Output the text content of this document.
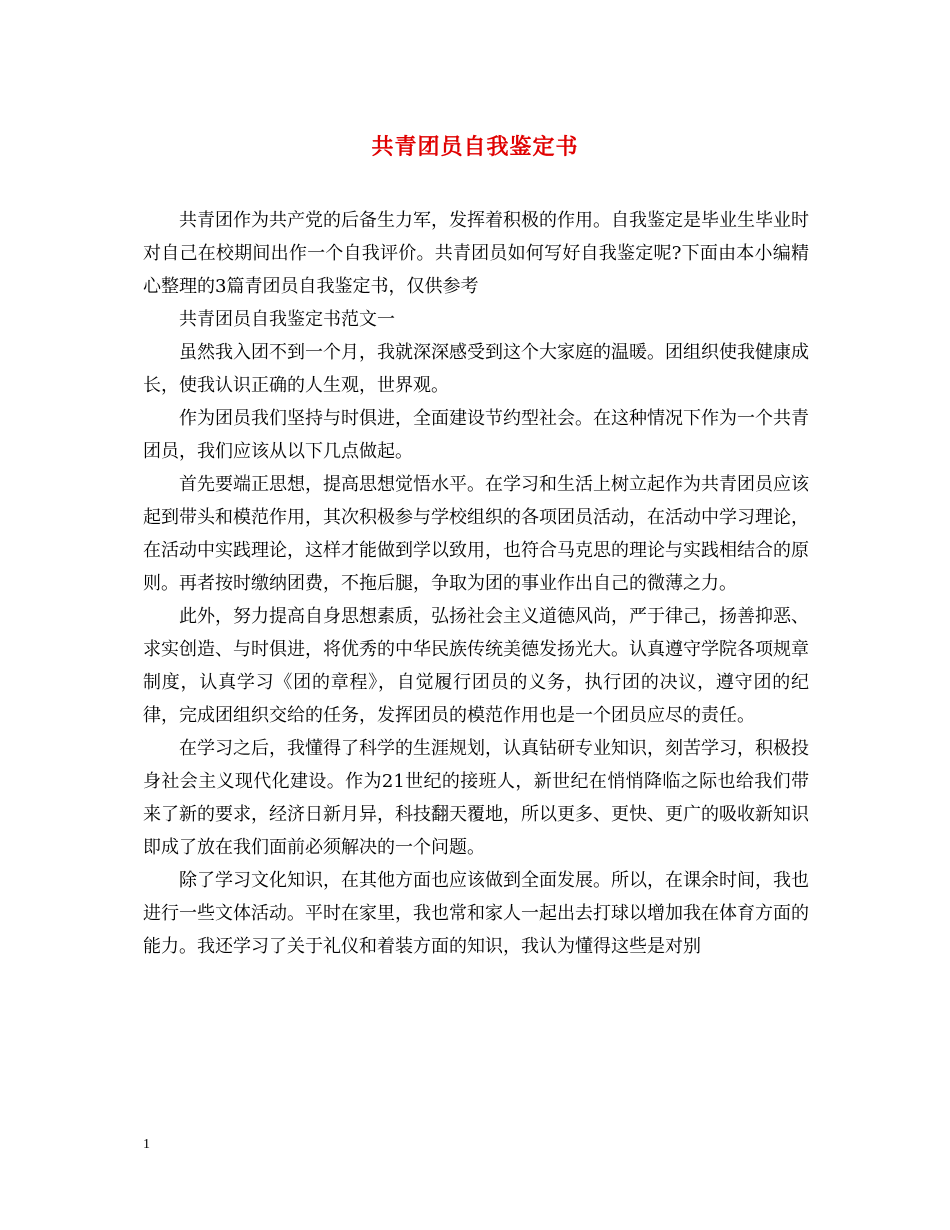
共青团员自我鉴定书

共青团作为共产党的后备生力军，发挥着积极的作用。自我鉴定是毕业生毕业时对自己在校期间出作一个自我评价。共青团员如何写好自我鉴定呢?下面由本小编精心整理的3篇青团员自我鉴定书，仅供参考

共青团员自我鉴定书范文一

虽然我入团不到一个月，我就深深感受到这个大家庭的温暖。团组织使我健康成长，使我认识正确的人生观，世界观。

作为团员我们坚持与时俱进，全面建设节约型社会。在这种情况下作为一个共青团员，我们应该从以下几点做起。

首先要端正思想，提高思想觉悟水平。在学习和生活上树立起作为共青团员应该起到带头和模范作用，其次积极参与学校组织的各项团员活动，在活动中学习理论，在活动中实践理论，这样才能做到学以致用，也符合马克思的理论与实践相结合的原则。再者按时缴纳团费，不拖后腿，争取为团的事业作出自己的微薄之力。

此外，努力提高自身思想素质，弘扬社会主义道德风尚，严于律己，扬善抑恶、求实创造、与时俱进，将优秀的中华民族传统美德发扬光大。认真遵守学院各项规章制度，认真学习《团的章程》，自觉履行团员的义务，执行团的决议，遵守团的纪律，完成团组织交给的任务，发挥团员的模范作用也是一个团员应尽的责任。

在学习之后，我懂得了科学的生涯规划，认真钻研专业知识，刻苦学习，积极投身社会主义现代化建设。作为21世纪的接班人，新世纪在悄悄降临之际也给我们带来了新的要求，经济日新月异，科技翻天覆地，所以更多、更快、更广的吸收新知识即成了放在我们面前必须解决的一个问题。

除了学习文化知识，在其他方面也应该做到全面发展。所以，在课余时间，我也进行一些文体活动。平时在家里，我也常和家人一起出去打球以增加我在体育方面的能力。我还学习了关于礼仪和着装方面的知识，我认为懂得这些是对别

1
